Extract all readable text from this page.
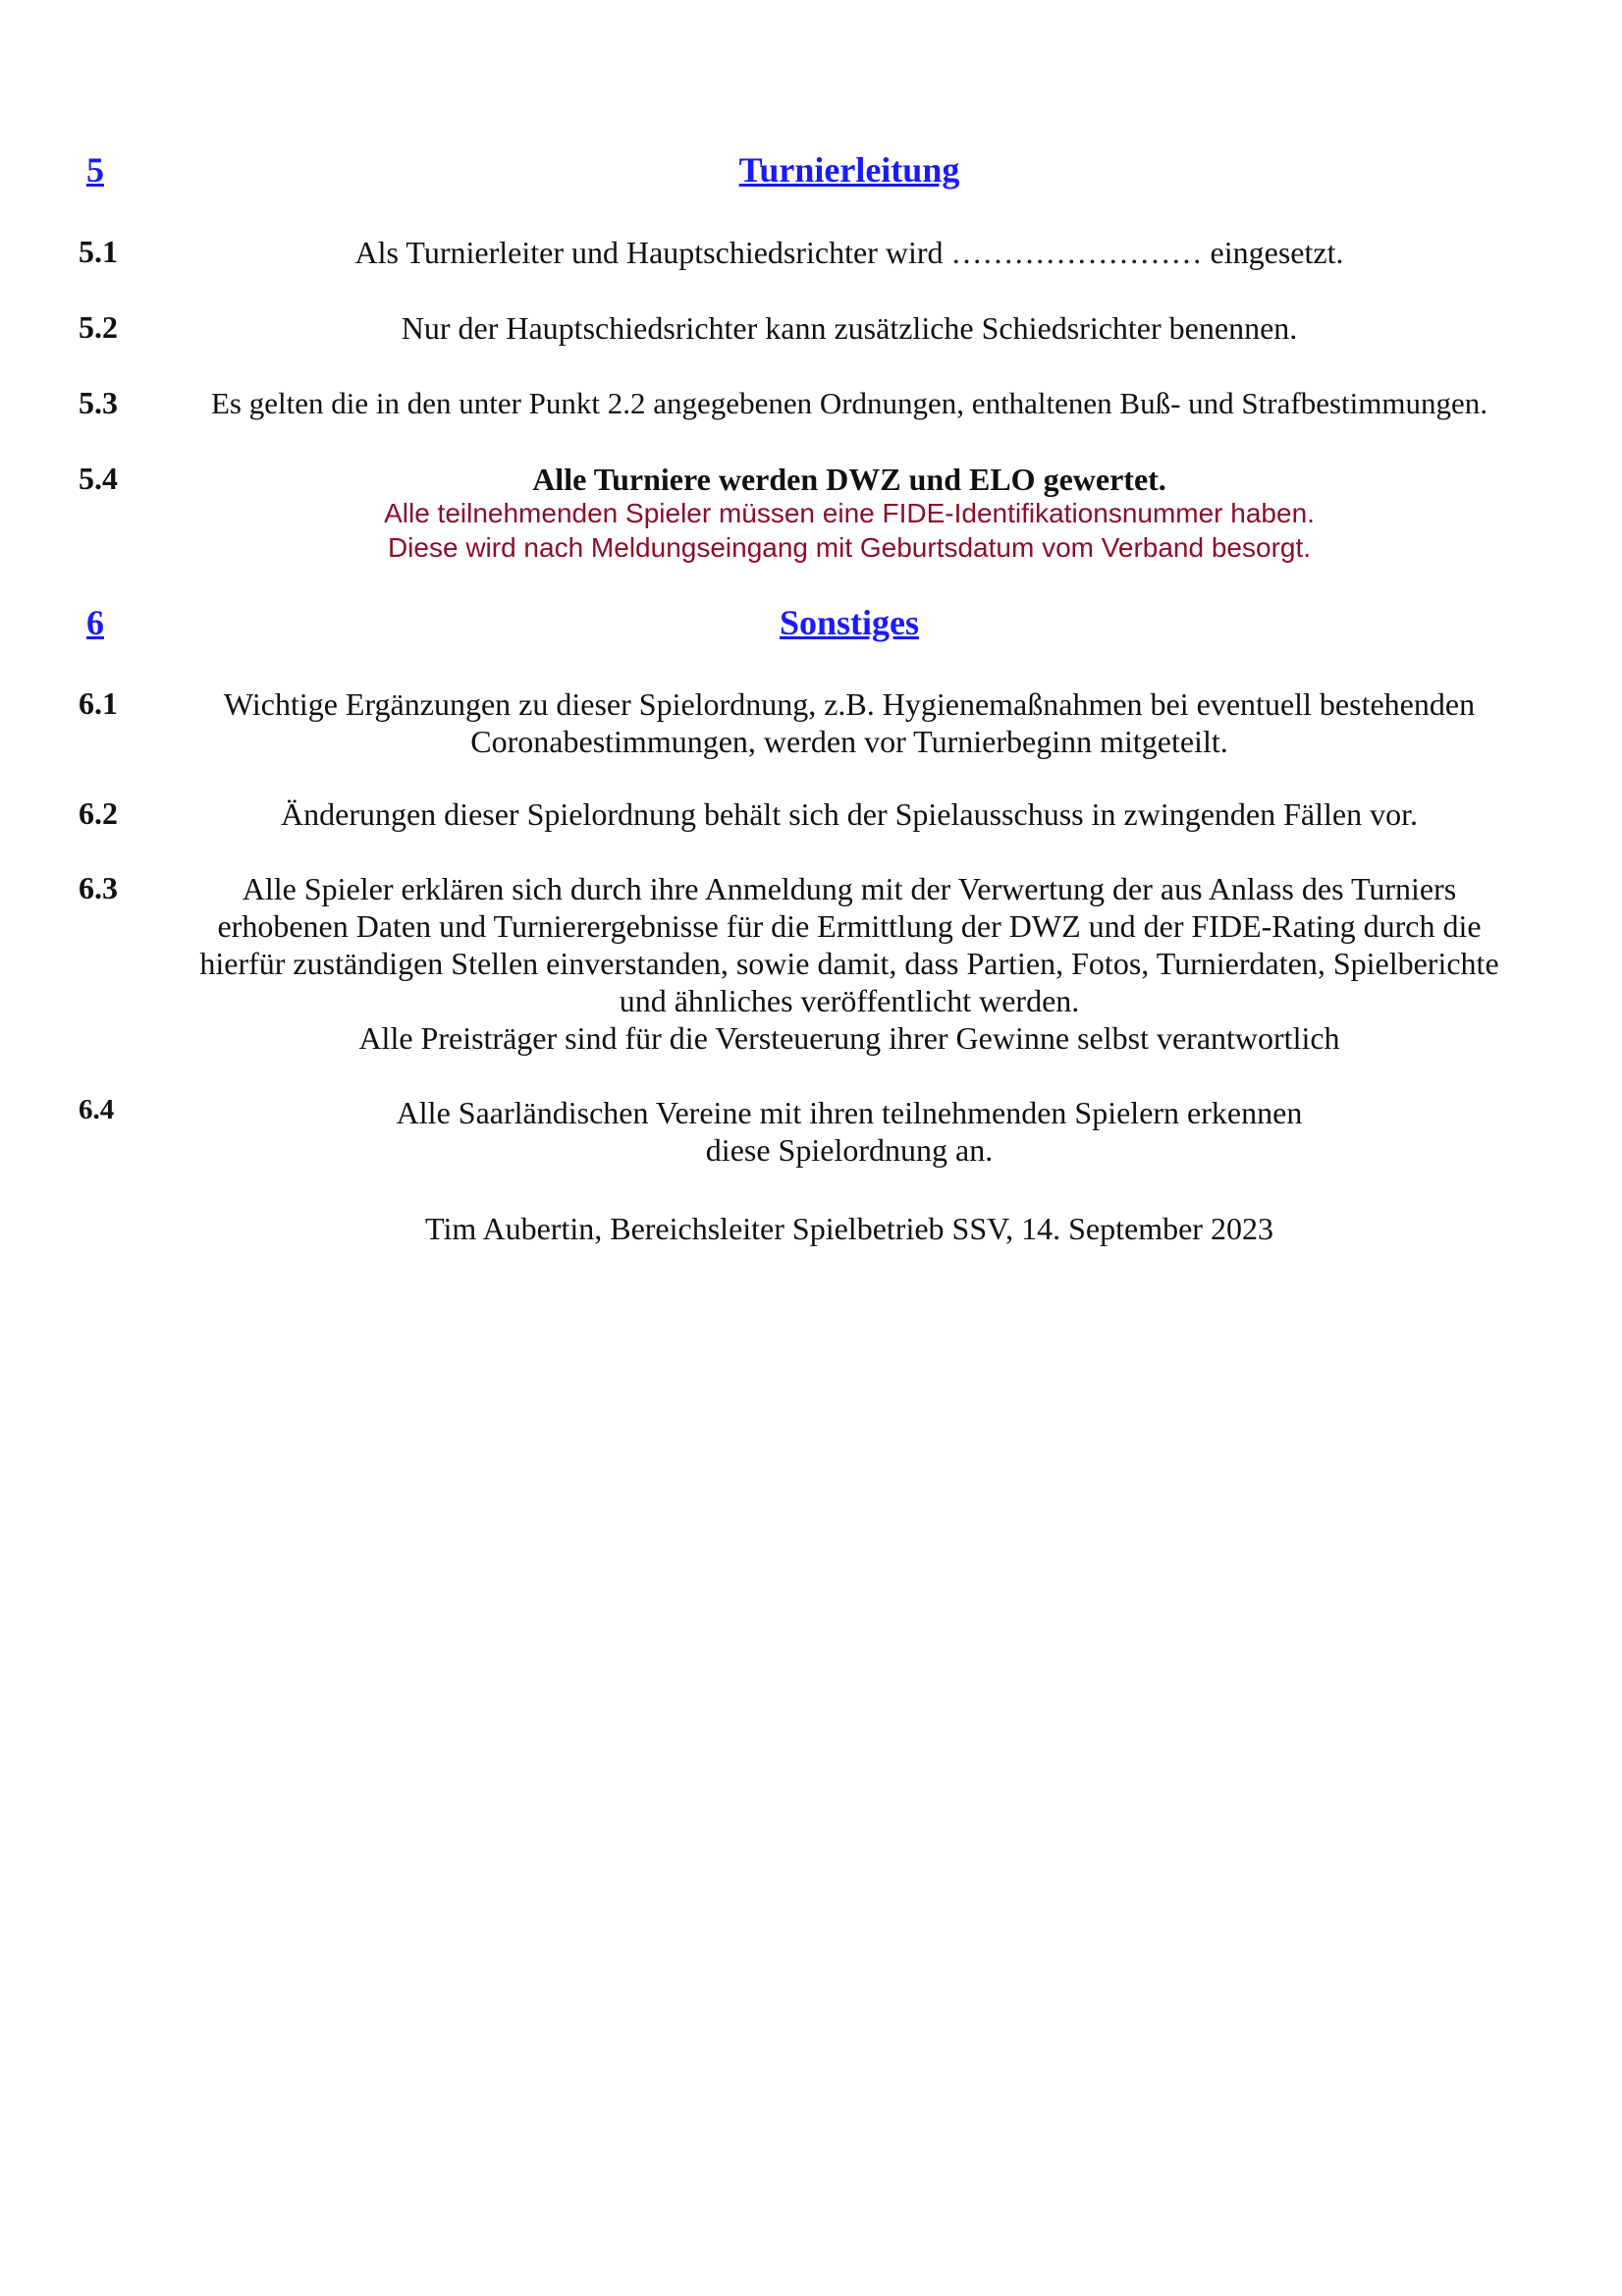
5	Turnierleitung
5.1	Als Turnierleiter und Hauptschiedsrichter wird …………………… eingesetzt.
5.2	Nur der Hauptschiedsrichter kann zusätzliche Schiedsrichter benennen.
5.3	Es gelten die in den unter Punkt 2.2 angegebenen Ordnungen, enthaltenen Buß- und Strafbestimmungen.
5.4	Alle Turniere werden DWZ und ELO gewertet.
Alle teilnehmenden Spieler müssen eine FIDE-Identifikationsnummer haben.
Diese wird nach Meldungseingang mit Geburtsdatum vom Verband besorgt.
6	Sonstiges
6.1	Wichtige Ergänzungen zu dieser Spielordnung, z.B. Hygienemaßnahmen bei eventuell bestehenden
Coronabestimmungen, werden vor Turnierbeginn mitgeteilt.
6.2	Änderungen dieser Spielordnung behält sich der Spielausschuss in zwingenden Fällen vor.
6.3	Alle Spieler erklären sich durch ihre Anmeldung mit der Verwertung der aus Anlass des Turniers
erhobenen Daten und Turnierergebnisse für die Ermittlung der DWZ und der FIDE-Rating durch die
hierfür zuständigen Stellen einverstanden, sowie damit, dass Partien, Fotos, Turnierdaten, Spielberichte
und ähnliches veröffentlicht werden.
Alle Preisträger sind für die Versteuerung ihrer Gewinne selbst verantwortlich
6.4	Alle Saarländischen Vereine mit ihren teilnehmenden Spielern erkennen
diese Spielordnung an.
Tim Aubertin, Bereichsleiter Spielbetrieb SSV, 14. September 2023
